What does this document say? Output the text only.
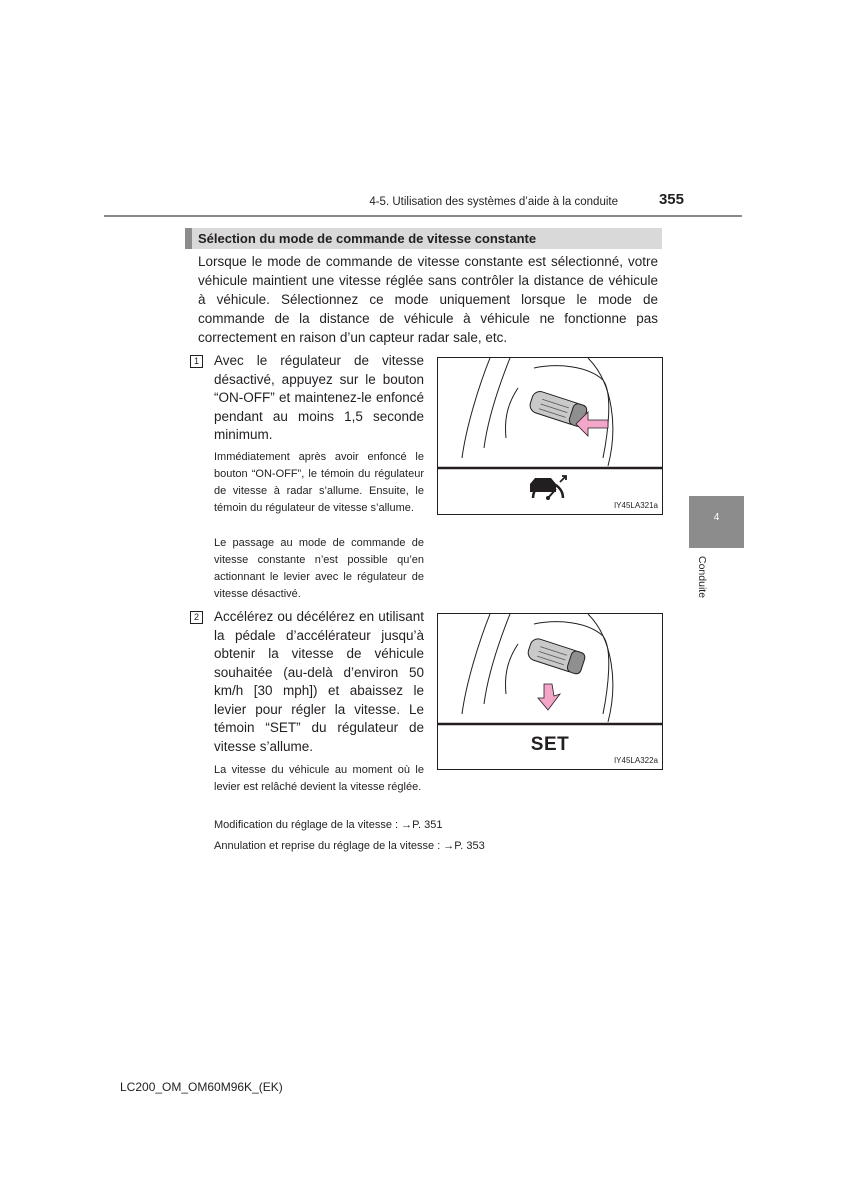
4-5. Utilisation des systèmes d’aide à la conduite	355
4
Conduite
Sélection du mode de commande de vitesse constante
Lorsque le mode de commande de vitesse constante est sélectionné, votre véhicule maintient une vitesse réglée sans contrôler la distance de véhicule à véhicule. Sélectionnez ce mode uniquement lorsque le mode de commande de la distance de véhicule à véhicule ne fonctionne pas correctement en raison d’un capteur radar sale, etc.
1 Avec le régulateur de vitesse désactivé, appuyez sur le bouton “ON-OFF” et maintenez-le enfoncé pendant au moins 1,5 seconde minimum.
Immédiatement après avoir enfoncé le bouton “ON-OFF”, le témoin du régulateur de vitesse à radar s’allume. Ensuite, le témoin du régulateur de vitesse s’allume.
Le passage au mode de commande de vitesse constante n’est possible qu’en actionnant le levier avec le régulateur de vitesse désactivé.
IY45LA321a
2 Accélérez ou décélérez en utilisant la pédale d’accélérateur jusqu’à obtenir la vitesse de véhicule souhaitée (au-delà d’environ 50 km/h [30 mph]) et abaissez le levier pour régler la vitesse. Le témoin “SET” du régulateur de vitesse s’allume.
La vitesse du véhicule au moment où le levier est relâché devient la vitesse réglée.
SET
IY45LA322a
Modification du réglage de la vitesse : →P. 351
Annulation et reprise du réglage de la vitesse : →P. 353
LC200_OM_OM60M96K_(EK)
